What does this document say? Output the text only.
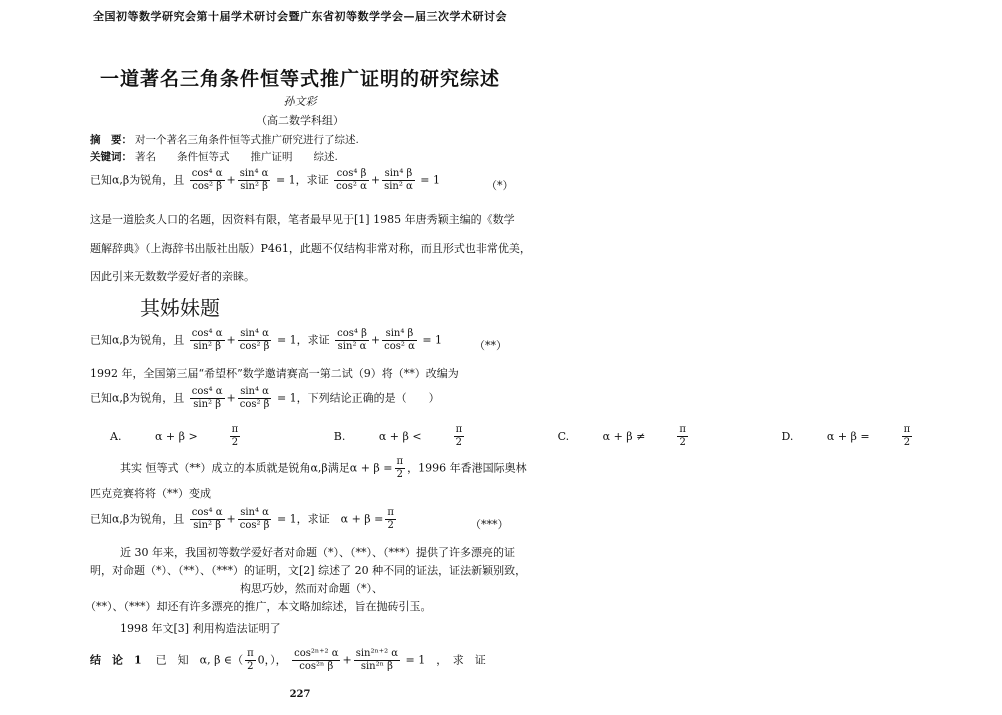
全国初等数学研究会第十届学术研讨会暨广东省初等数学学会—届三次学术研讨会
一道著名三角条件恒等式推广证明的研究综述
孙文彩
（高二数学科组）
摘　要： 对一个著名三角条件恒等式推广研究进行了综述.
关键词： 著名　　条件恒等式　　推广证明　　综述.
已知α,β为锐角，且 $\frac{\text{cos⁴ α}}{\text{cos² β}} + \frac{\text{sin⁴ α}}{\text{sin² β}} = 1$，求证 $\frac{\text{cos⁴ β}}{\text{cos² α}} + \frac{\text{sin⁴ β}}{\text{sin² α}} = 1$	（*）
这是一道脍炙人口的名题，因资料有限，笔者最早见于[1] 1985 年唐秀颖主编的《数学
题解辞典》（上海辞书出版社出版）P461，此题不仅结构非常对称，而且形式也非常优美，
因此引来无数数学爱好者的亲睐。
其姊妹题
已知α,β为锐角，且 $\frac{\text{cos⁴ α}}{\text{sin² β}} + \frac{\text{sin⁴ α}}{\text{cos² β}} = 1$，求证 $\frac{\text{cos⁴ β}}{\text{sin² α}} + \frac{\text{sin⁴ β}}{\text{cos² α}} = 1$	（**）
1992 年，全国第三届“希望杯”数学邀请赛高一第二试（9）将（**）改编为
已知α,β为锐角，且 $\frac{\text{cos⁴ α}}{\text{sin² β}} + \frac{\text{sin⁴ α}}{\text{cos² β}} = 1$，下列结论正确的是（　　）
A.	α + β >	$\frac{\pi}{2}$	B.	α + β <	$\frac{\pi}{2}$	C.	α + β ≠	$\frac{\pi}{2}$	D.	α + β =	$\frac{\pi}{2}$
其实 恒等式（**）成立的本质就是锐角α,β满足$\alpha + \beta = \frac{\pi}{2}$ ，1996 年香港国际奥林
匹克竞赛将将（**）变成
已知α,β为锐角，且 $\frac{\text{cos⁴ α}}{\text{sin² β}} + \frac{\text{sin⁴ α}}{\text{cos² β}} = 1$，求证　$\alpha + \beta = \frac{\pi}{2}$	（***）
近 30 年来，我国初等数学爱好者对命题（*）、（**）、（***）提供了许多漂亮的证
明，对命题（*）、（**）、（***）的证明，文[2] 综述了 20 种不同的证法，证法新颖别致，
构思巧妙，然而对命题（*）、
（**）、（***）却还有许多漂亮的推广，本文略加综述，旨在抛砖引玉。
1998 年文[3] 利用构造法证明了
结　论　1 已　知　α, β ∈（ $\frac{\pi}{2} 0$，）， $\frac{\text{cos²ⁿ⁺² α}}{\text{cos²ⁿ β}} + \frac{\text{sin²ⁿ⁺² α}}{\text{sin²ⁿ β}} = 1$　，　求　证
227
